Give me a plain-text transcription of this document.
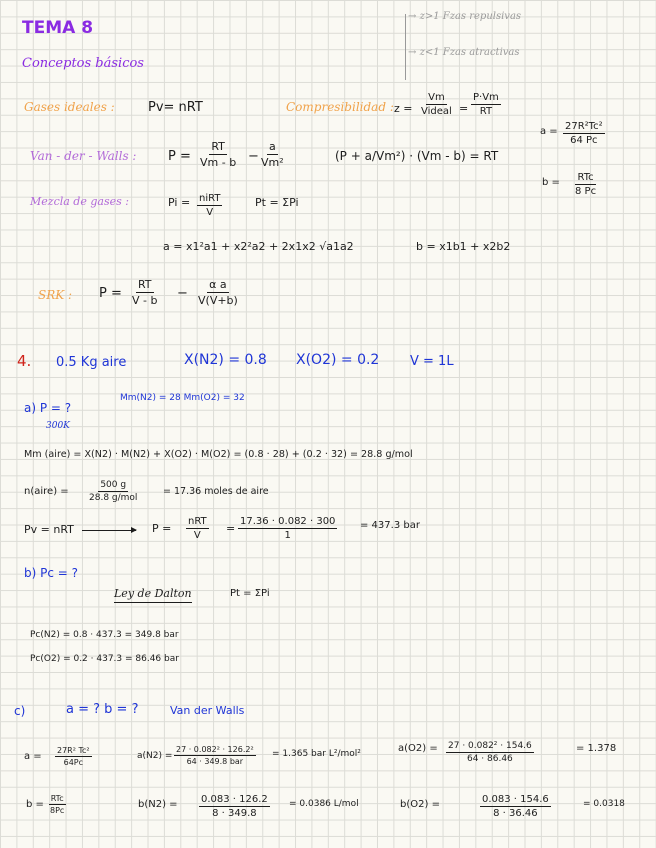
TEMA 8
Conceptos básicos
→ z>1 Fzas repulsivas
→ z<1 Fzas atractivas
Gases ideales :	Pv= nRT	Compresibilidad : z =
Vm
Videal = $\frac{P\cdot Vm}{RT}$
$a = \frac{\text{27R²Tc²}}{64 Pc}$
Van - der - Walls : $P = \frac{RT}{Vm - b} - \frac{a}{\text{Vm²}}$	(P + a/Vm²) · (Vm - b) = RT
b = RTc
8 Pc
Mezcla de gases :	Pi = niRT
V
Pt = ΣPi
a = x1²a1 + x2²a2 + 2x1x2 √a1a2	b = x1b1 + x2b2
SRK : $P = \frac{RT}{V - b} - \frac{\text{α a}}{V(V+b)}$
4. 0.5 Kg aire	X(N2) = 0.8 X(O2) = 0.2 V = 1L
a) P = ?
300K
Mm(N2) = 28 Mm(O2) = 32
Mm (aire) = X(N2) · M(N2) + X(O2) · M(O2) = (0.8 · 28) + (0.2 · 32) = 28.8 g/mol
n(aire) =
500 g
28.8 g/mol
= 17.36 moles de aire
Pv = nRT	P =
nRT
V
= $\frac{17.36 \cdot 0.082 \cdot 300}{1} = 437.3$ bar
b) Pc = ?
Ley de Dalton	Pt = ΣPi
Pc(N2) = 0.8 · 437.3 = 349.8 bar
Pc(O2) = 0.2 · 437.3 = 86.46 bar
c)	a = ? b = ?	Van der Walls
$a = \frac{\text{27R² Tc²}}{64Pc}$	a(N2) =
27 · 0.082² · 126.2²
64 · 349.8 bar
= 1.365 bar L²/mol²	$a(O2) = \frac{\text{27 · 0.082² · 154.6}}{64 \cdot 86.46}$	= 1.378
b =
RTc
8Pc
$b(N2) = \frac{0.083 \cdot 126.2}{8 \cdot 349.8} = 0.0386$ L/mol	b(O2) =	$\frac{0.083 \cdot 154.6}{8 \cdot 36.46}$	= 0.0318
